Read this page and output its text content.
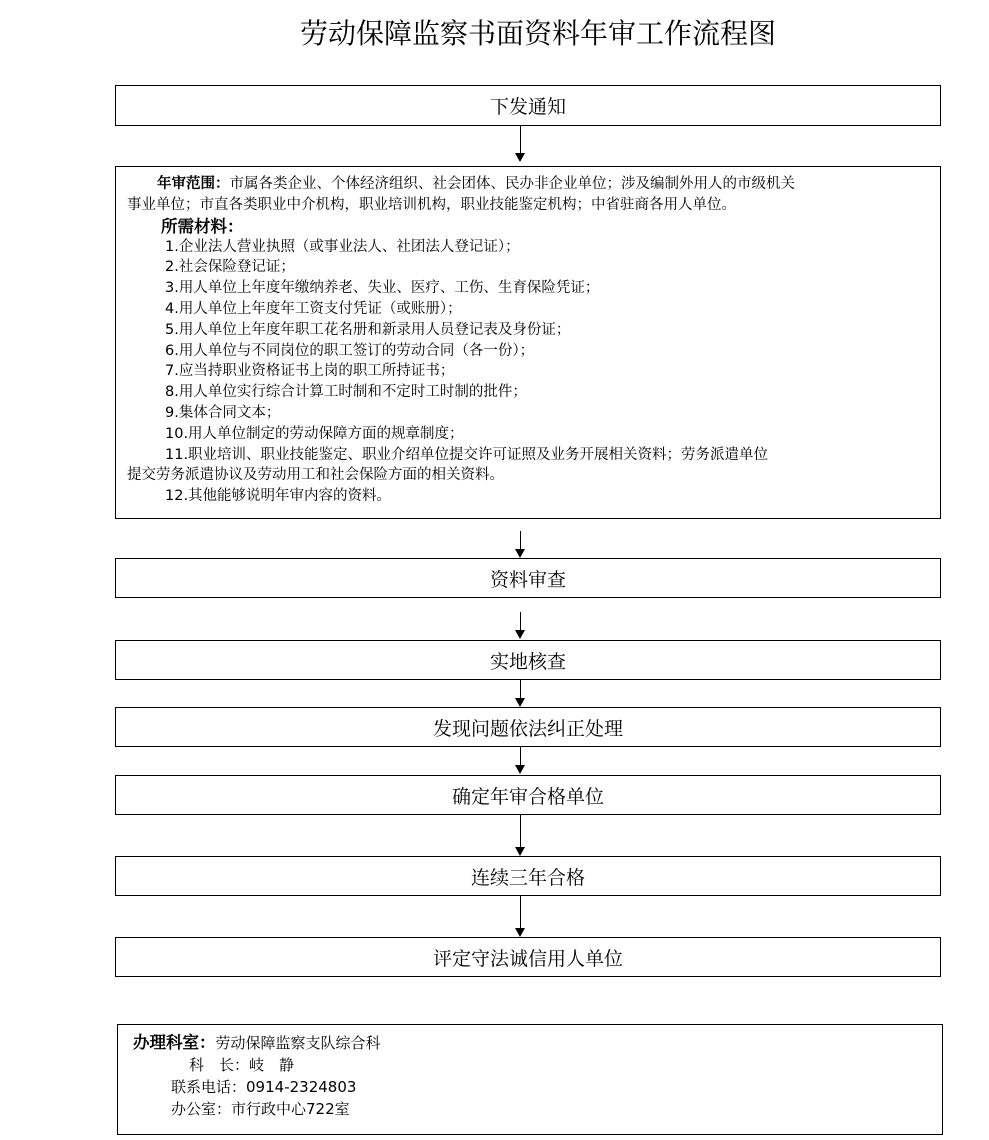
劳动保障监察书面资料年审工作流程图
下发通知
年审范围：市属各类企业、个体经济组织、社会团体、民办非企业单位；涉及编制外用人的市级机关
事业单位；市直各类职业中介机构，职业培训机构，职业技能鉴定机构；中省驻商各用人单位。
所需材料：
1.企业法人营业执照（或事业法人、社团法人登记证）；
2.社会保险登记证；
3.用人单位上年度年缴纳养老、失业、医疗、工伤、生育保险凭证；
4.用人单位上年度年工资支付凭证（或账册）；
5.用人单位上年度年职工花名册和新录用人员登记表及身份证；
6.用人单位与不同岗位的职工签订的劳动合同（各一份）；
7.应当持职业资格证书上岗的职工所持证书；
8.用人单位实行综合计算工时制和不定时工时制的批件；
9.集体合同文本；
10.用人单位制定的劳动保障方面的规章制度；
11.职业培训、职业技能鉴定、职业介绍单位提交许可证照及业务开展相关资料；劳务派遣单位
提交劳务派遣协议及劳动用工和社会保险方面的相关资料。
12.其他能够说明年审内容的资料。
资料审查
实地核查
发现问题依法纠正处理
确定年审合格单位
连续三年合格
评定守法诚信用人单位
办理科室：劳动保障监察支队综合科
科　长：岐　静
联系电话：0914-2324803
办公室：市行政中心722室
